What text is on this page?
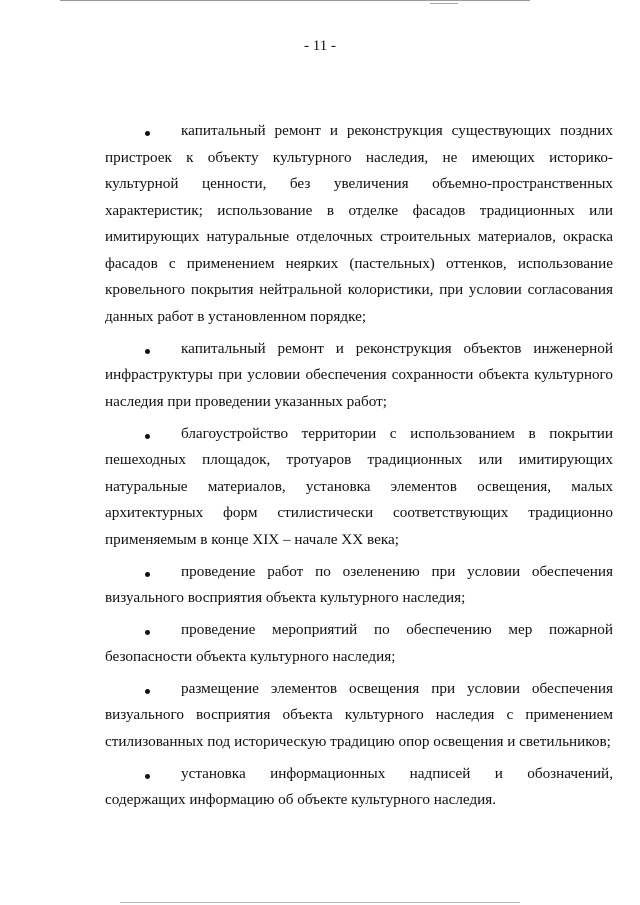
- 11 -

капитальный ремонт и реконструкция существующих поздних пристроек к объекту культурного наследия, не имеющих историко-культурной ценности, без увеличения объемно-пространственных характеристик; использование в отделке фасадов традиционных или имитирующих натуральные отделочных строительных материалов, окраска фасадов с применением неярких (пастельных) оттенков, использование кровельного покрытия нейтральной колористики, при условии согласования данных работ в установленном порядке;

капитальный ремонт и реконструкция объектов инженерной инфраструктуры при условии обеспечения сохранности объекта культурного наследия при проведении указанных работ;

благоустройство территории с использованием в покрытии пешеходных площадок, тротуаров традиционных или имитирующих натуральные материалов, установка элементов освещения, малых архитектурных форм стилистически соответствующих традиционно применяемым в конце XIX – начале XX века;

проведение работ по озеленению при условии обеспечения визуального восприятия объекта культурного наследия;

проведение мероприятий по обеспечению мер пожарной безопасности объекта культурного наследия;

размещение элементов освещения при условии обеспечения визуального восприятия объекта культурного наследия с применением стилизованных под историческую традицию опор освещения и светильников;

установка информационных надписей и обозначений, содержащих информацию об объекте культурного наследия.
